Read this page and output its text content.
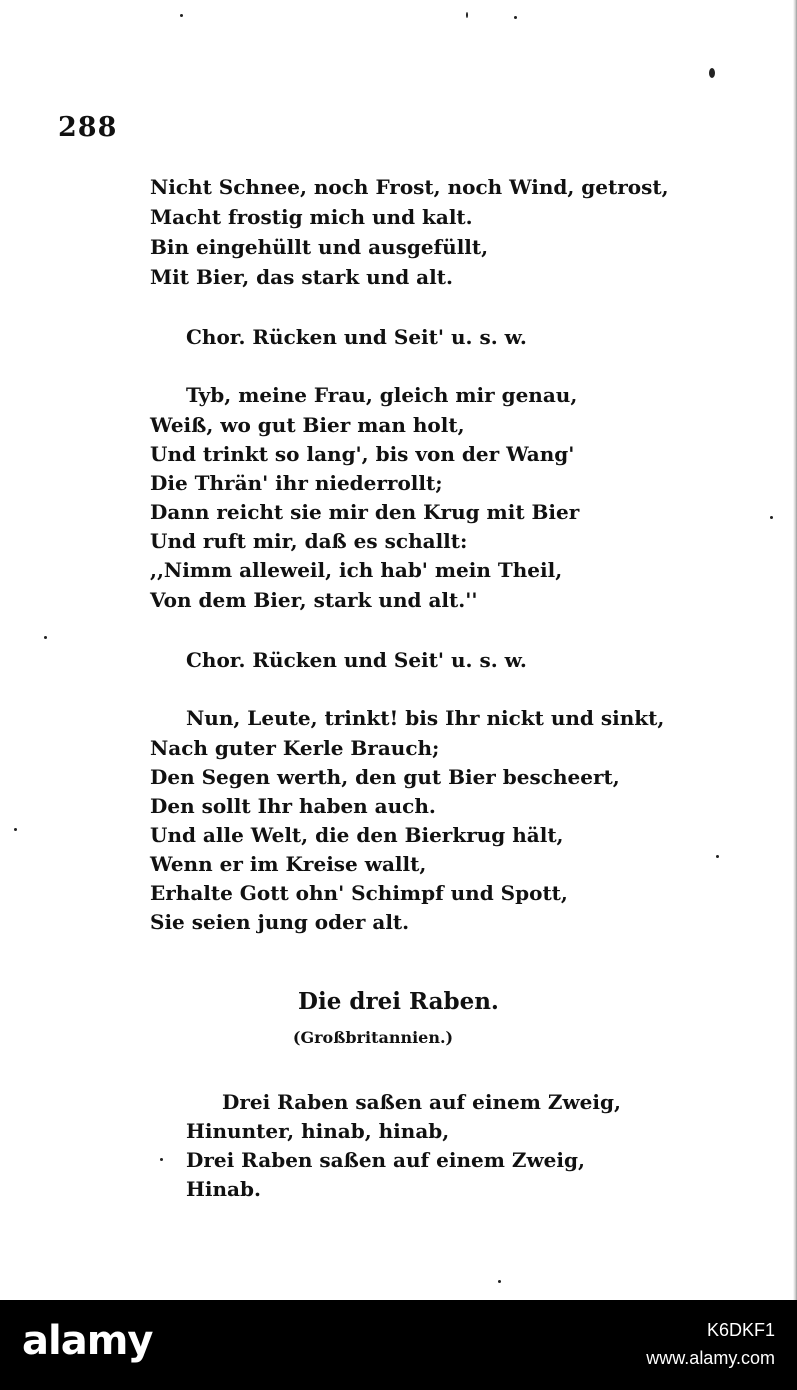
288
Nicht Schnee, noch Frost, noch Wind, getrost,
Macht frostig mich und kalt.
Bin eingehüllt und ausgefüllt,
Mit Bier, das stark und alt.
Chor. Rücken und Seit' u. s. w.
Tyb, meine Frau, gleich mir genau,
Weiß, wo gut Bier man holt,
Und trinkt so lang', bis von der Wang'
Die Thrän' ihr niederrollt;
Dann reicht sie mir den Krug mit Bier
Und ruft mir, daß es schallt:
,,Nimm alleweil, ich hab' mein Theil,
Von dem Bier, stark und alt.''
Chor. Rücken und Seit' u. s. w.
Nun, Leute, trinkt! bis Ihr nickt und sinkt,
Nach guter Kerle Brauch;
Den Segen werth, den gut Bier bescheert,
Den sollt Ihr haben auch.
Und alle Welt, die den Bierkrug hält,
Wenn er im Kreise wallt,
Erhalte Gott ohn' Schimpf und Spott,
Sie seien jung oder alt.
Die drei Raben.
(Großbritannien.)
Drei Raben saßen auf einem Zweig,
Hinunter, hinab, hinab,
Drei Raben saßen auf einem Zweig,
Hinab.
alamy	K6DKF1
www.alamy.com
